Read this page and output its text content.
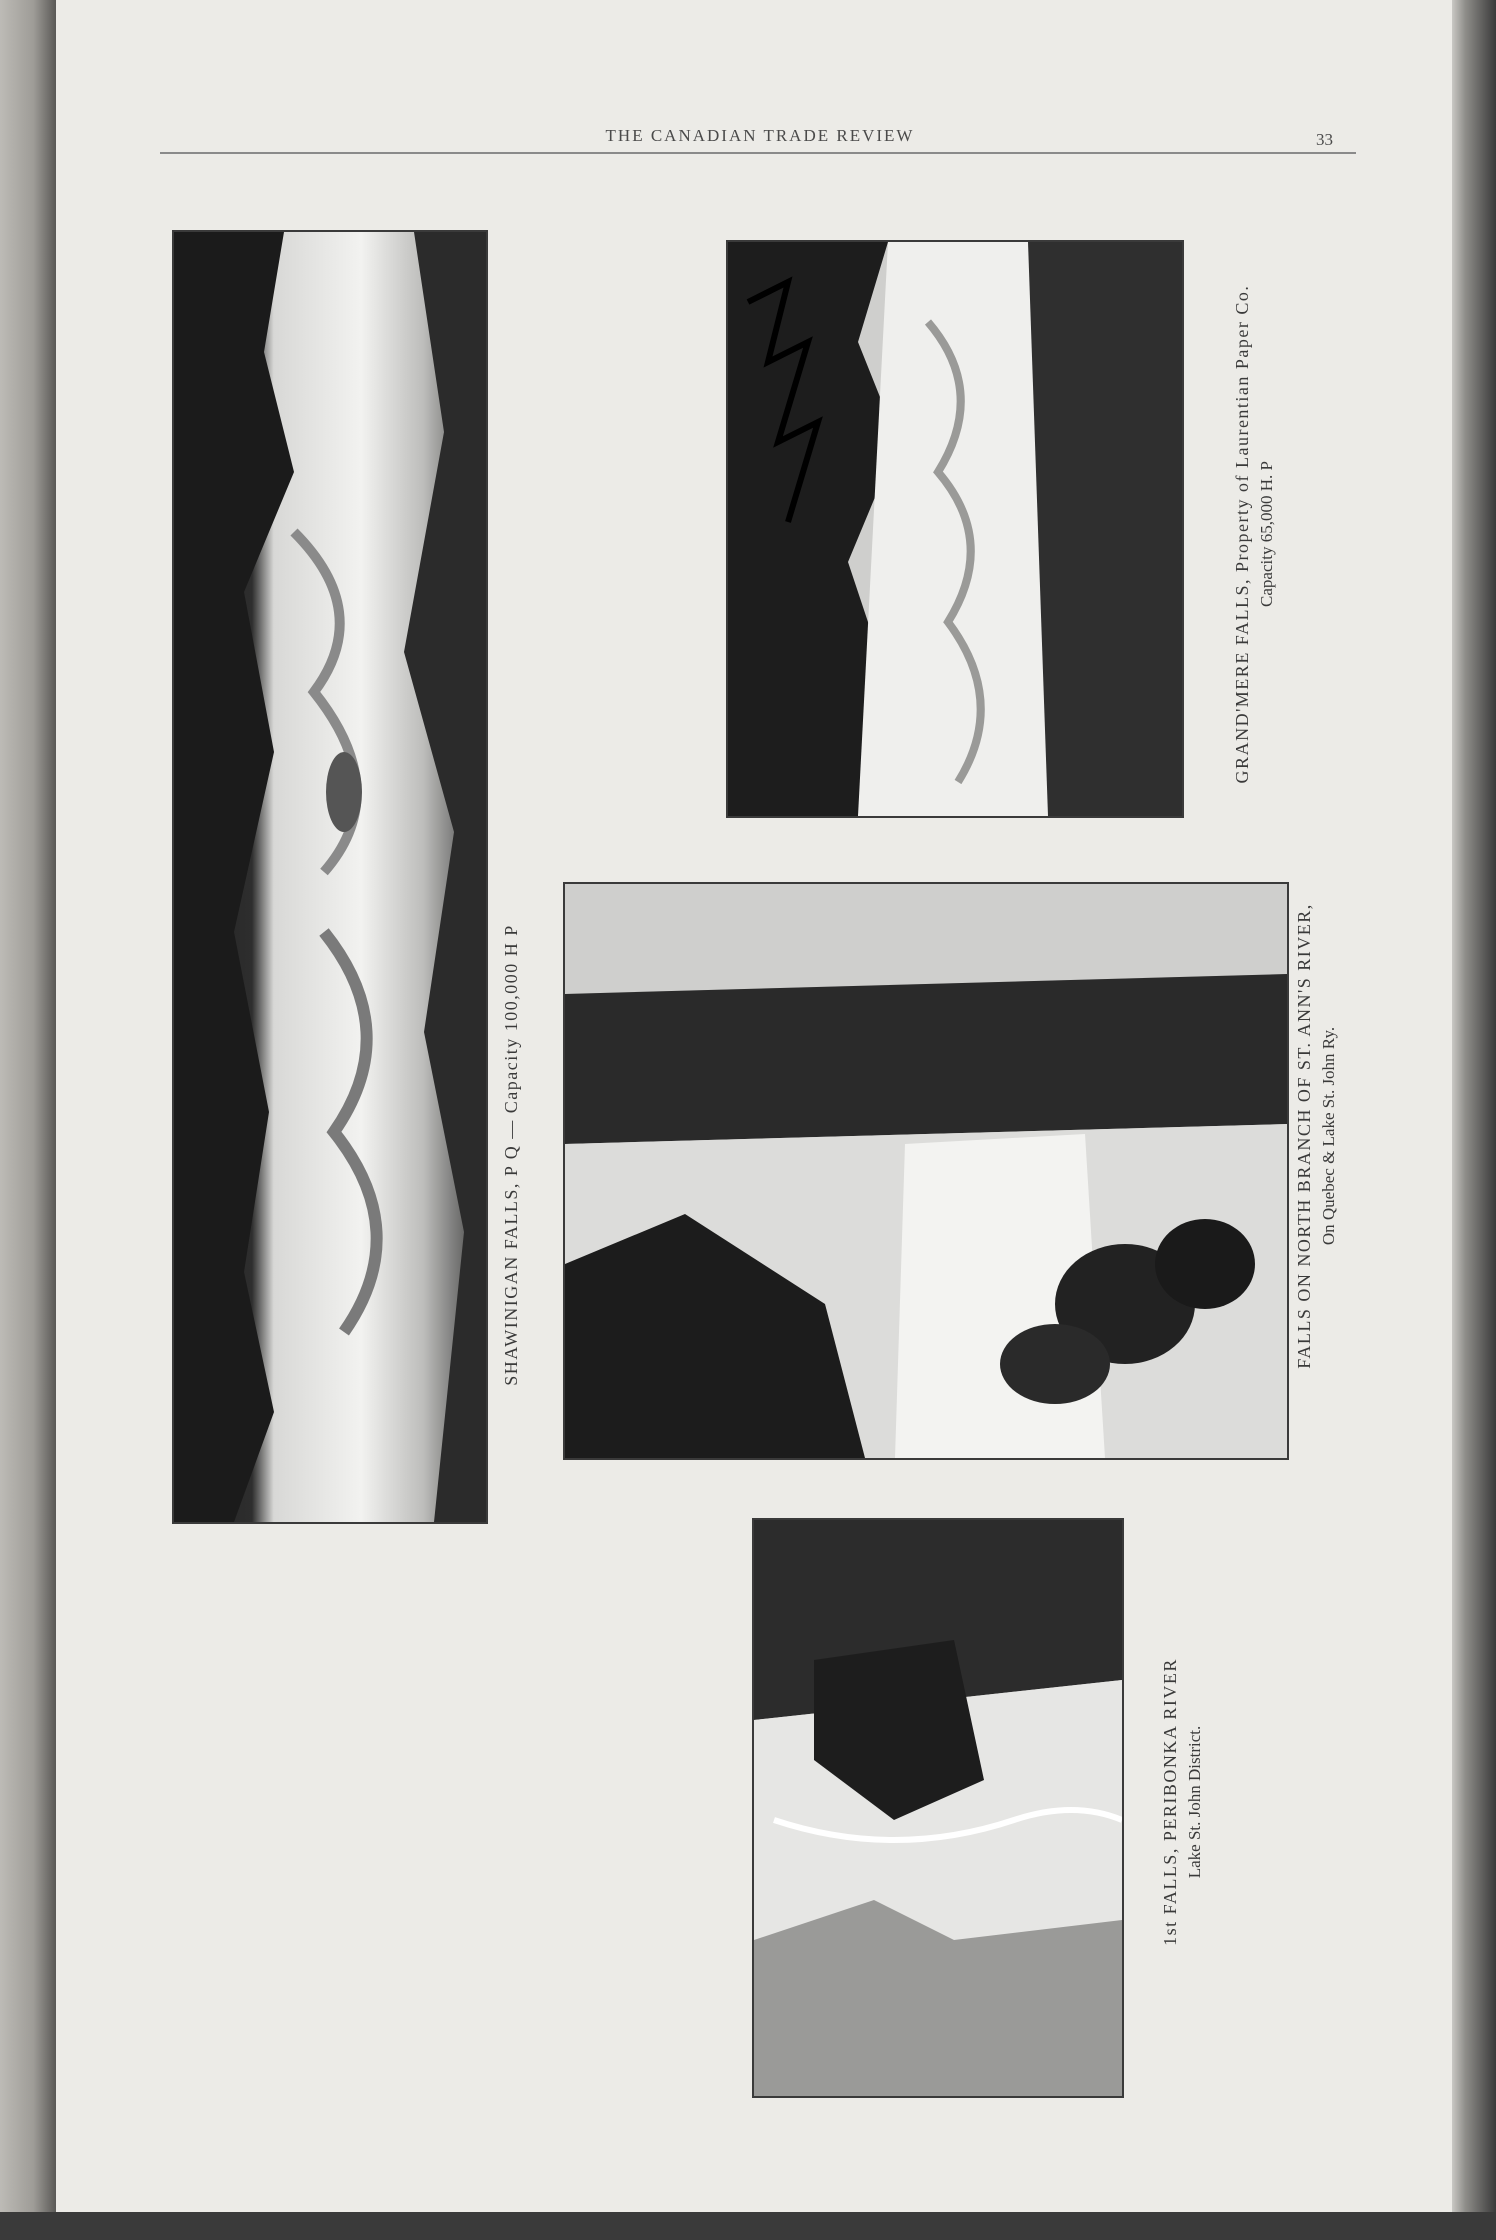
THE CANADIAN TRADE REVIEW	33
SHAWINIGAN FALLS, P Q — Capacity 100,000 H P
GRAND'MERE FALLS, Property of Laurentian Paper Co. Capacity 65,000 H. P
FALLS ON NORTH BRANCH OF ST. ANN'S RIVER, On Quebec & Lake St. John Ry.
1st FALLS, PERIBONKA RIVER Lake St. John District.
